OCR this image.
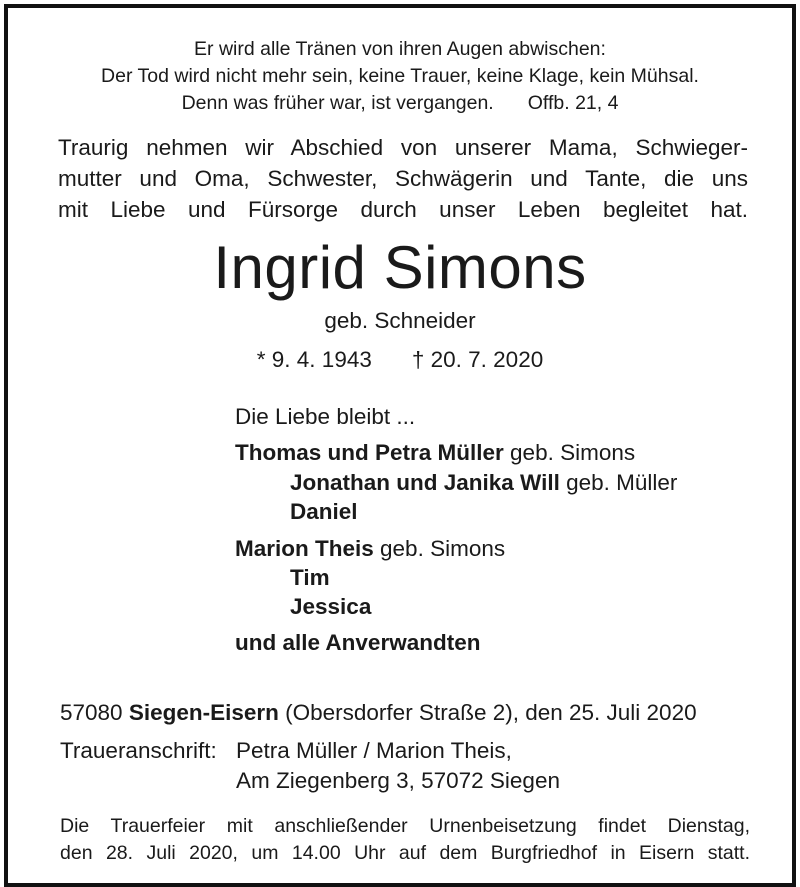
Er wird alle Tränen von ihren Augen abwischen:
Der Tod wird nicht mehr sein, keine Trauer, keine Klage, kein Mühsal.
Denn was früher war, ist vergangen. Offb. 21, 4
Traurig nehmen wir Abschied von unserer Mama, Schwieger-
mutter und Oma, Schwester, Schwägerin und Tante, die uns
mit Liebe und Fürsorge durch unser Leben begleitet hat.
Ingrid Simons
geb. Schneider
* 9. 4. 1943 † 20. 7. 2020
Die Liebe bleibt ...
Thomas und Petra Müller geb. Simons
Jonathan und Janika Will geb. Müller
Daniel
Marion Theis geb. Simons
Tim
Jessica
und alle Anverwandten
57080 Siegen-Eisern (Obersdorfer Straße 2), den 25. Juli 2020
Traueranschrift: Petra Müller / Marion Theis,
Am Ziegenberg 3, 57072 Siegen
Die Trauerfeier mit anschließender Urnenbeisetzung findet Dienstag,
den 28. Juli 2020, um 14.00 Uhr auf dem Burgfriedhof in Eisern statt.
